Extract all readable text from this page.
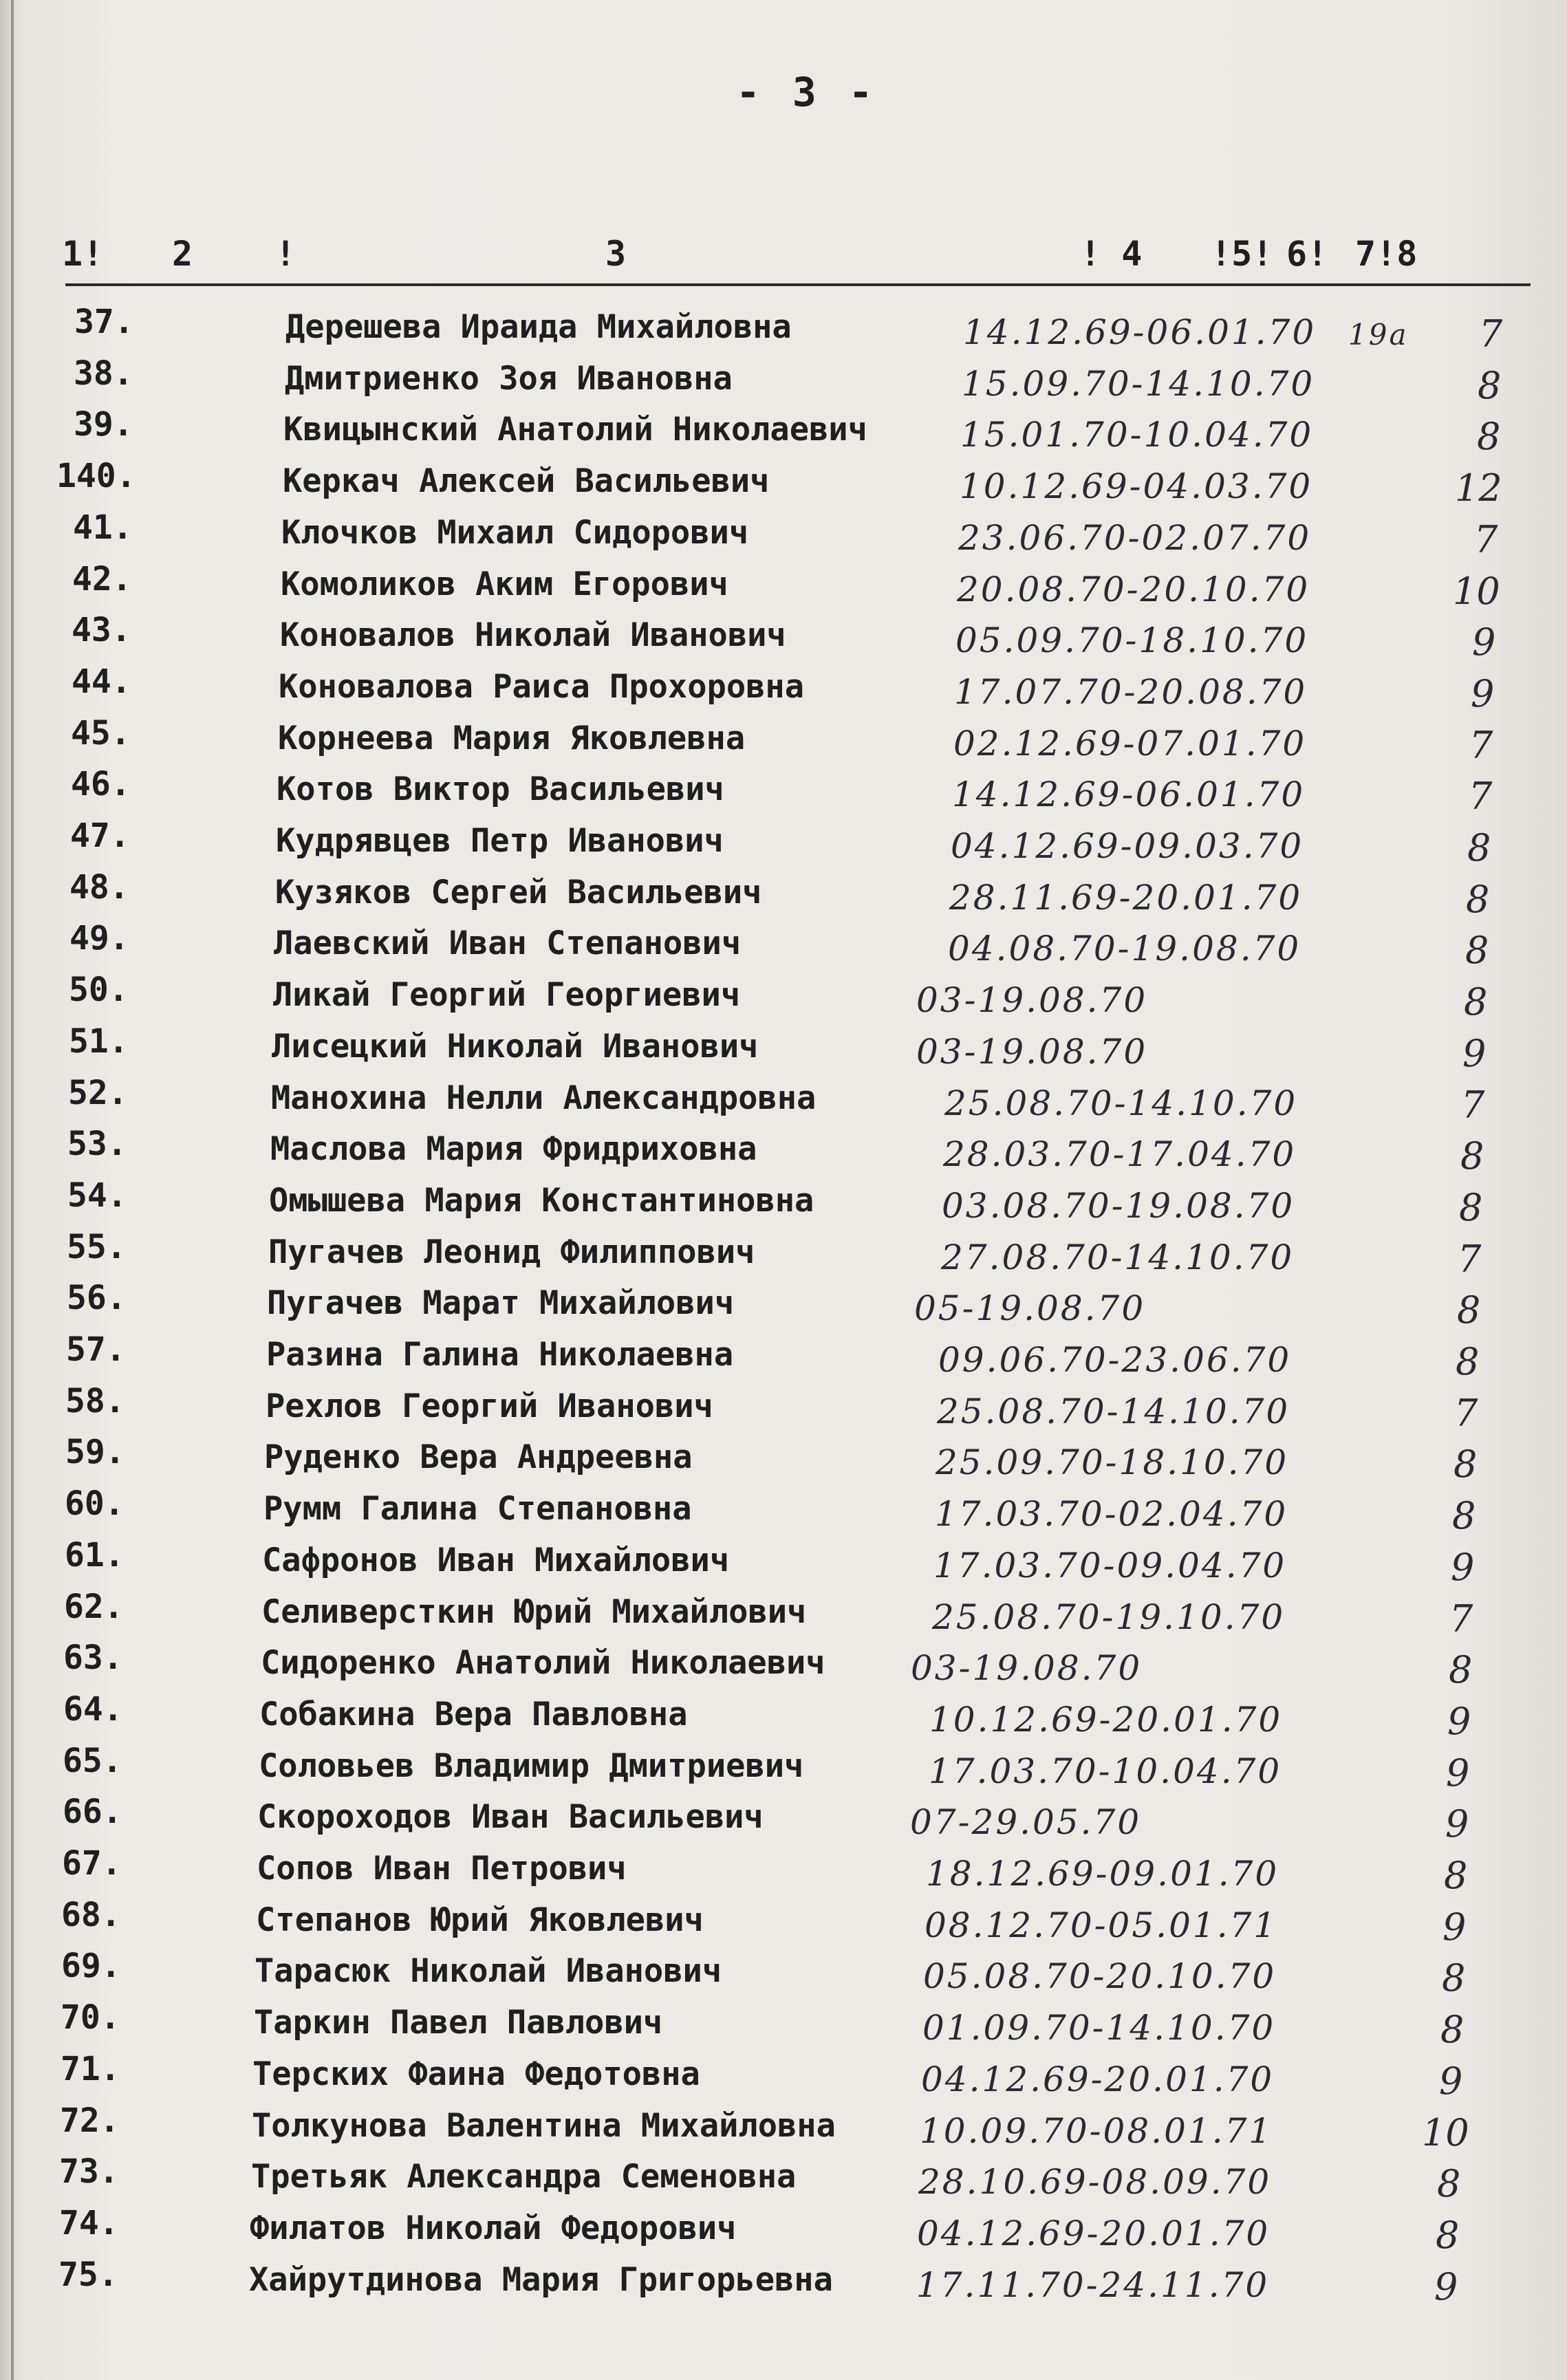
- 3 -
1! 2 !	3	! 4 !5! 6! 7!8
37.	Дерешева Ираида Михайловна	14.12.69-06.01.70 19а 7
38.	Дмитриенко Зоя Ивановна	15.09.70-14.10.70	8
39.	Квицынский Анатолий Николаевич	15.01.70-10.04.70	8
140.	Керкач Алексей Васильевич	10.12.69-04.03.70	12
41.	Клочков Михаил Сидорович	23.06.70-02.07.70	7
42.	Комоликов Аким Егорович	20.08.70-20.10.70	10
43.	Коновалов Николай Иванович	05.09.70-18.10.70	9
44.	Коновалова Раиса Прохоровна	17.07.70-20.08.70	9
45.	Корнеева Мария Яковлевна	02.12.69-07.01.70	7
46.	Котов Виктор Васильевич	14.12.69-06.01.70	7
47.	Кудрявцев Петр Иванович	04.12.69-09.03.70	8
48.	Кузяков Сергей Васильевич	28.11.69-20.01.70	8
49.	Лаевский Иван Степанович	04.08.70-19.08.70	8
50.	Ликай Георгий Георгиевич	03-19.08.70	8
51.	Лисецкий Николай Иванович	03-19.08.70	9
52.	Манохина Нелли Александровна	25.08.70-14.10.70	7
53.	Маслова Мария Фридриховна	28.03.70-17.04.70	8
54.	Омышева Мария Константиновна	03.08.70-19.08.70	8
55.	Пугачев Леонид Филиппович	27.08.70-14.10.70	7
56.	Пугачев Марат Михайлович	05-19.08.70	8
57.	Разина Галина Николаевна	09.06.70-23.06.70	8
58.	Рехлов Георгий Иванович	25.08.70-14.10.70	7
59.	Руденко Вера Андреевна	25.09.70-18.10.70	8
60.	Румм Галина Степановна	17.03.70-02.04.70	8
61.	Сафронов Иван Михайлович	17.03.70-09.04.70	9
62.	Селиверсткин Юрий Михайлович	25.08.70-19.10.70	7
63.	Сидоренко Анатолий Николаевич 03-19.08.70	8
64.	Собакина Вера Павловна	10.12.69-20.01.70	9
65.	Соловьев Владимир Дмитриевич	17.03.70-10.04.70	9
66.	Скороходов Иван Васильевич	07-29.05.70	9
67.	Сопов Иван Петрович	18.12.69-09.01.70	8
68.	Степанов Юрий Яковлевич	08.12.70-05.01.71	9
69.	Тарасюк Николай Иванович	05.08.70-20.10.70	8
70.	Таркин Павел Павлович	01.09.70-14.10.70	8
71.	Терских Фаина Федотовна	04.12.69-20.01.70	9
72.	Толкунова Валентина Михайловна 10.09.70-08.01.71	10
73.	Третьяк Александра Семеновна	28.10.69-08.09.70	8
74.	Филатов Николай Федорович	04.12.69-20.01.70	8
75.	Хайрутдинова Мария Григорьевна 17.11.70-24.11.70	9
